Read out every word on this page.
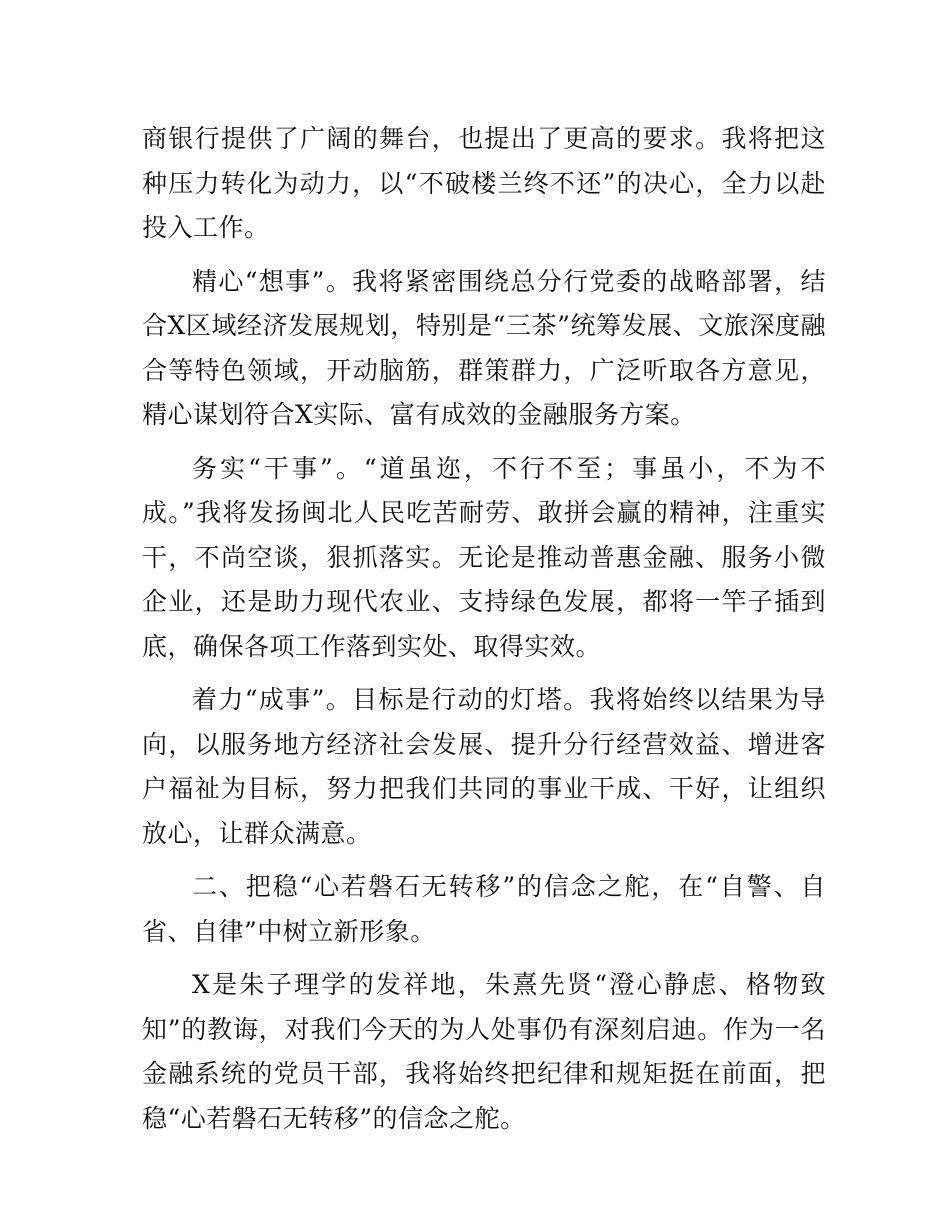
商银行提供了广阔的舞台，也提出了更高的要求。我将把这种压力转化为动力，以“不破楼兰终不还”的决心，全力以赴投入工作。

精心“想事”。我将紧密围绕总分行党委的战略部署，结合X区域经济发展规划，特别是“三茶”统筹发展、文旅深度融合等特色领域，开动脑筋，群策群力，广泛听取各方意见，精心谋划符合X实际、富有成效的金融服务方案。

务实“干事”。“道虽迩，不行不至；事虽小，不为不成。”我将发扬闽北人民吃苦耐劳、敢拼会赢的精神，注重实干，不尚空谈，狠抓落实。无论是推动普惠金融、服务小微企业，还是助力现代农业、支持绿色发展，都将一竿子插到底，确保各项工作落到实处、取得实效。

着力“成事”。目标是行动的灯塔。我将始终以结果为导向，以服务地方经济社会发展、提升分行经营效益、增进客户福祉为目标，努力把我们共同的事业干成、干好，让组织放心，让群众满意。

二、把稳“心若磐石无转移”的信念之舵，在“自警、自省、自律”中树立新形象。

X是朱子理学的发祥地，朱熹先贤“澄心静虑、格物致知”的教诲，对我们今天的为人处事仍有深刻启迪。作为一名金融系统的党员干部，我将始终把纪律和规矩挺在前面，把稳“心若磐石无转移”的信念之舵。
